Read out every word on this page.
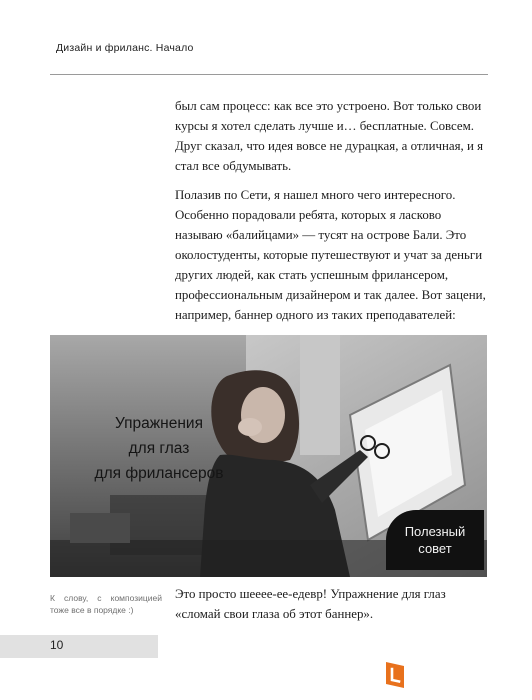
Дизайн и фриланс. Начало

был сам процесс: как все это устроено. Вот только свои курсы я хотел сделать лучше и… бесплатные. Совсем. Друг сказал, что идея вовсе не дурацкая, а отличная, и я стал все обдумывать.

Полазив по Сети, я нашел много чего интересного. Особенно порадовали ребята, которых я ласково называю «балийцами» — тусят на острове Бали. Это околостуденты, которые путешествуют и учат за деньги других людей, как стать успешным фрилансером, профессиональным дизайнером и так далее. Вот зацени, например, баннер одного из таких преподавателей:

Упражнения
для глаз
для фрилансеров
Полезный
совет
К слову, с композицией тоже все в порядке :)

Это просто шееее-ее-едевр! Упражнение для глаз «сломай свои глаза об этот баннер».

10
